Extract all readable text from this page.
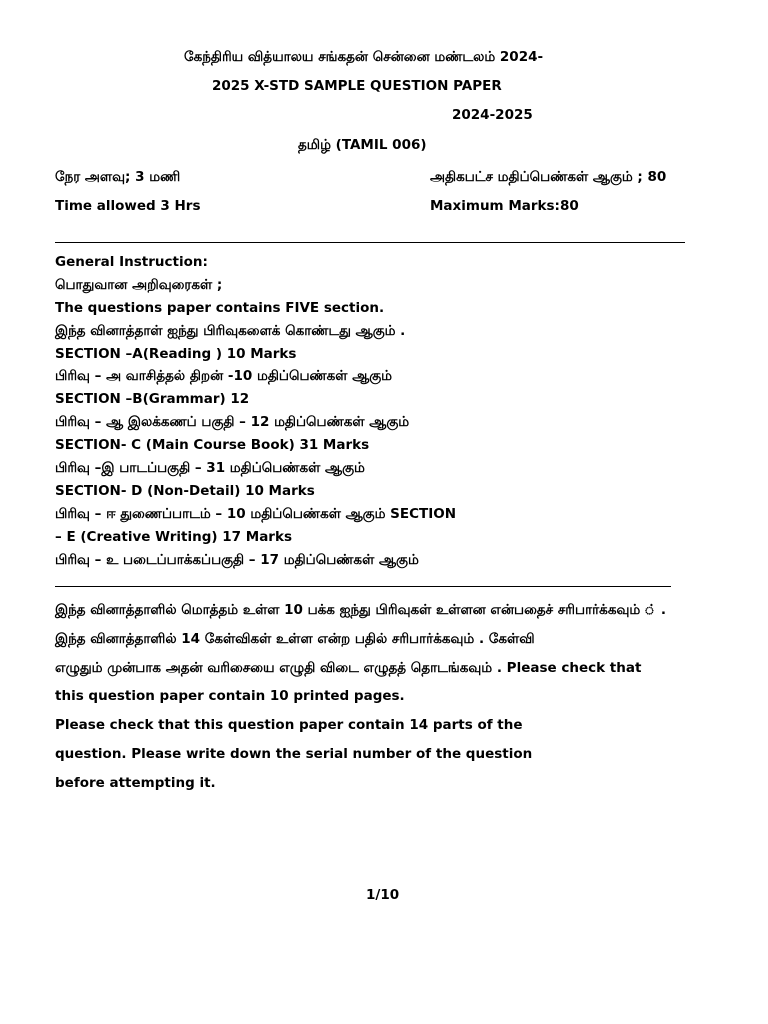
கேந்திரிய வித்யாலய சங்கதன் சென்னை மண்டலம் 2024-
2025 X-STD SAMPLE QUESTION PAPER
2024-2025
தமிழ் (TAMIL 006)
நேர அளவு; 3 மணி	அதிகபட்ச மதிப்பெண்கள் ஆகும் ; 80
Time allowed 3 Hrs	Maximum Marks:80
General Instruction:
பொதுவான அறிவுரைகள் ;
The questions paper contains FIVE section.
இந்த வினாத்தாள் ஐந்து பிரிவுகளைக் கொண்டது ஆகும் .
SECTION –A(Reading ) 10 Marks
பிரிவு – அ வாசித்தல் திறன் -10 மதிப்பெண்கள் ஆகும்
SECTION –B(Grammar) 12
பிரிவு – ஆ இலக்கணப் பகுதி – 12 மதிப்பெண்கள் ஆகும்
SECTION- C (Main Course Book) 31 Marks
பிரிவு –இ பாடப்பகுதி – 31 மதிப்பெண்கள் ஆகும்
SECTION- D (Non-Detail) 10 Marks
பிரிவு – ஈ துணைப்பாடம் – 10 மதிப்பெண்கள் ஆகும் SECTION
– E (Creative Writing) 17 Marks
பிரிவு – உ படைப்பாக்கப்பகுதி – 17 மதிப்பெண்கள் ஆகும்
இந்த வினாத்தாளில் மொத்தம் உள்ள 10 பக்க ஐந்து பிரிவுகள் உள்ளன என்பதைச் சரிபார்க்கவும் ் .
இந்த வினாத்தாளில் 14 கேள்விகள் உள்ள என்ற பதில் சரிபார்க்கவும் . கேள்வி
எழுதும் முன்பாக அதன் வரிசையை எழுதி விடை எழுதத் தொடங்கவும் . Please check that
this question paper contain 10 printed pages.
Please check that this question paper contain 14 parts of the
question. Please write down the serial number of the question
before attempting it.
1/10
